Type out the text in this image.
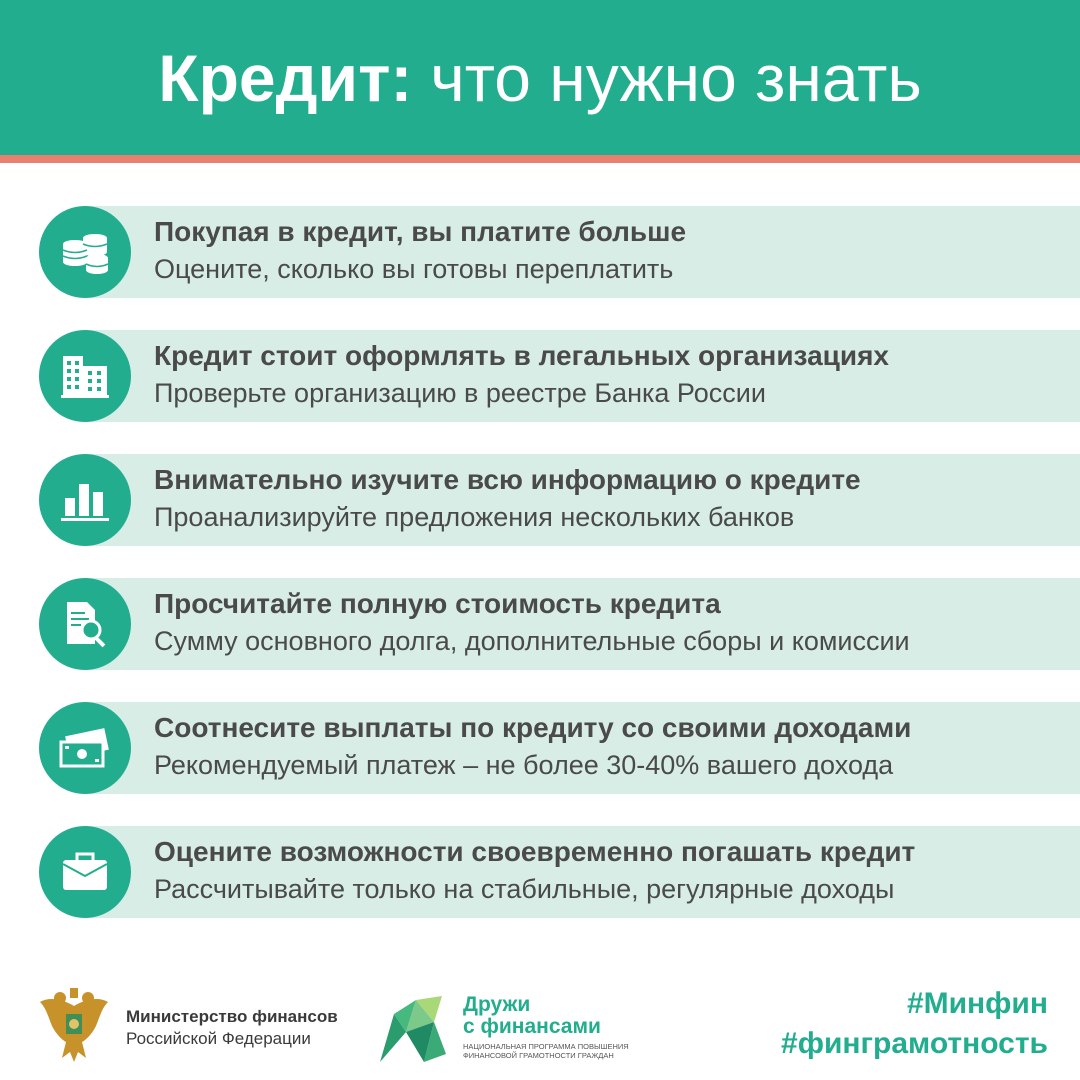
Кредит: что нужно знать
Покупая в кредит, вы платите больше
Оцените, сколько вы готовы переплатить
Кредит стоит оформлять в легальных организациях
Проверьте организацию в реестре Банка России
Внимательно изучите всю информацию о кредите
Проанализируйте предложения нескольких банков
Просчитайте полную стоимость кредита
Сумму основного долга, дополнительные сборы и комиссии
Соотнесите выплаты по кредиту со своими доходами
Рекомендуемый платеж – не более 30-40% вашего дохода
Оцените возможности своевременно погашать кредит
Рассчитывайте только на стабильные, регулярные доходы
Министерство финансов
Российской Федерации
Дружи
с финансами
НАЦИОНАЛЬНАЯ ПРОГРАММА ПОВЫШЕНИЯ
ФИНАНСОВОЙ ГРАМОТНОСТИ ГРАЖДАН
#Минфин
#финграмотность
